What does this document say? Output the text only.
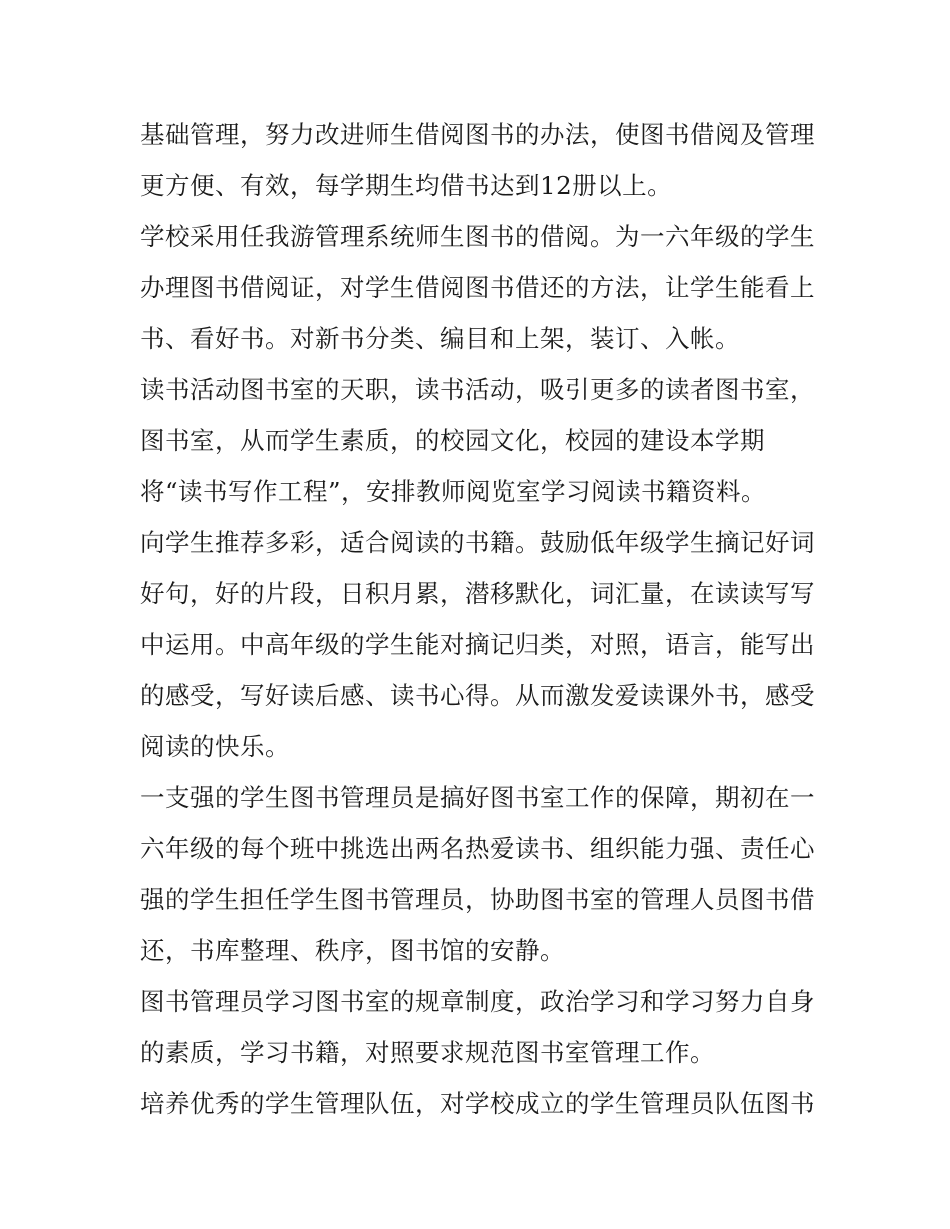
基础管理，努力改进师生借阅图书的办法，使图书借阅及管理
更方便、有效，每学期生均借书达到12册以上。
学校采用任我游管理系统师生图书的借阅。为一六年级的学生
办理图书借阅证，对学生借阅图书借还的方法，让学生能看上
书、看好书。对新书分类、编目和上架，装订、入帐。
读书活动图书室的天职，读书活动，吸引更多的读者图书室，
图书室，从而学生素质，的校园文化，校园的建设本学期
将“读书写作工程”，安排教师阅览室学习阅读书籍资料。
向学生推荐多彩，适合阅读的书籍。鼓励低年级学生摘记好词
好句，好的片段，日积月累，潜移默化，词汇量，在读读写写
中运用。中高年级的学生能对摘记归类，对照，语言，能写出
的感受，写好读后感、读书心得。从而激发爱读课外书，感受
阅读的快乐。
一支强的学生图书管理员是搞好图书室工作的保障，期初在一
六年级的每个班中挑选出两名热爱读书、组织能力强、责任心
强的学生担任学生图书管理员，协助图书室的管理人员图书借
还，书库整理、秩序，图书馆的安静。
图书管理员学习图书室的规章制度，政治学习和学习努力自身
的素质，学习书籍，对照要求规范图书室管理工作。
培养优秀的学生管理队伍，对学校成立的学生管理员队伍图书
